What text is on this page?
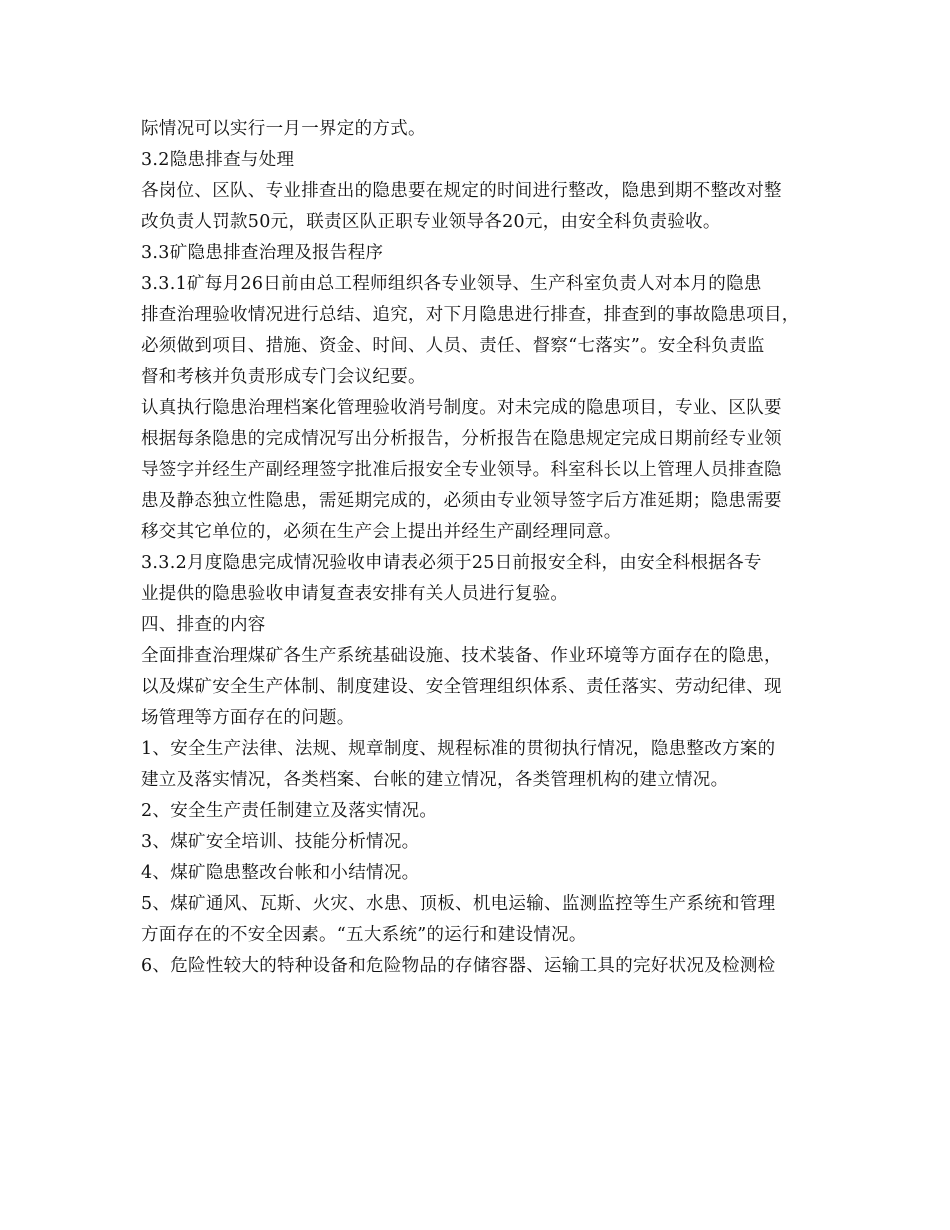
际情况可以实行一月一界定的方式。

3.2隐患排查与处理

各岗位、区队、专业排查出的隐患要在规定的时间进行整改，隐患到期不整改对整

改负责人罚款50元，联责区队正职专业领导各20元，由安全科负责验收。

3.3矿隐患排查治理及报告程序

3.3.1矿每月26日前由总工程师组织各专业领导、生产科室负责人对本月的隐患

排查治理验收情况进行总结、追究，对下月隐患进行排查，排查到的事故隐患项目，

必须做到项目、措施、资金、时间、人员、责任、督察“七落实”。安全科负责监

督和考核并负责形成专门会议纪要。

认真执行隐患治理档案化管理验收消号制度。对未完成的隐患项目，专业、区队要

根据每条隐患的完成情况写出分析报告，分析报告在隐患规定完成日期前经专业领

导签字并经生产副经理签字批准后报安全专业领导。科室科长以上管理人员排查隐

患及静态独立性隐患，需延期完成的，必须由专业领导签字后方准延期；隐患需要

移交其它单位的，必须在生产会上提出并经生产副经理同意。

3.3.2月度隐患完成情况验收申请表必须于25日前报安全科，由安全科根据各专

业提供的隐患验收申请复查表安排有关人员进行复验。

四、排查的内容

全面排查治理煤矿各生产系统基础设施、技术装备、作业环境等方面存在的隐患，

以及煤矿安全生产体制、制度建设、安全管理组织体系、责任落实、劳动纪律、现

场管理等方面存在的问题。

1、安全生产法律、法规、规章制度、规程标准的贯彻执行情况，隐患整改方案的

建立及落实情况，各类档案、台帐的建立情况，各类管理机构的建立情况。

2、安全生产责任制建立及落实情况。

3、煤矿安全培训、技能分析情况。

4、煤矿隐患整改台帐和小结情况。

5、煤矿通风、瓦斯、火灾、水患、顶板、机电运输、监测监控等生产系统和管理

方面存在的不安全因素。“五大系统”的运行和建设情况。

6、危险性较大的特种设备和危险物品的存储容器、运输工具的完好状况及检测检
